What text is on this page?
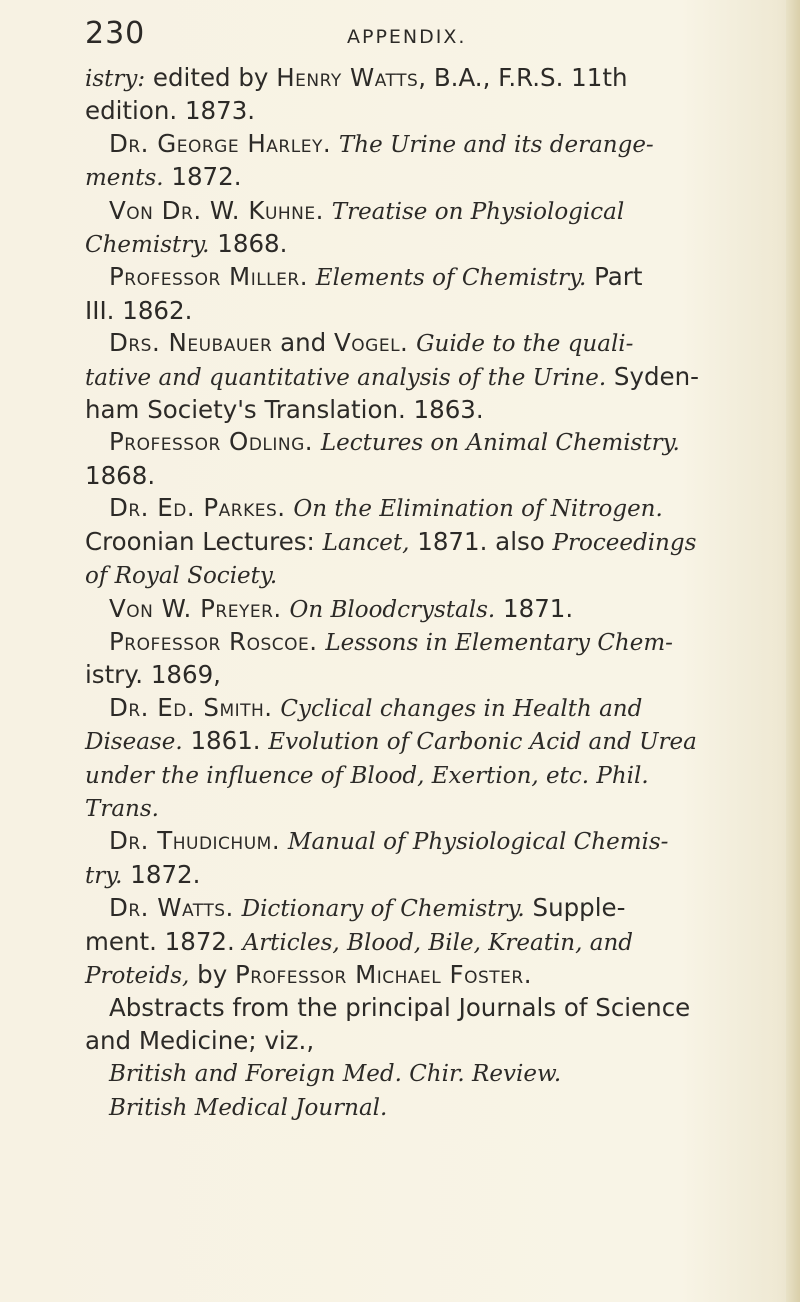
230	APPENDIX.
istry: edited by Henry Watts, B.A., F.R.S. 11th
edition. 1873.
Dr. George Harley. The Urine and its derange-
ments. 1872.
Von Dr. W. Kuhne. Treatise on Physiological
Chemistry. 1868.
Professor Miller. Elements of Chemistry. Part
III. 1862.
Drs. Neubauer and Vogel. Guide to the quali-
tative and quantitative analysis of the Urine. Syden-
ham Society's Translation. 1863.
Professor Odling. Lectures on Animal Chemistry.
1868.
Dr. Ed. Parkes. On the Elimination of Nitrogen.
Croonian Lectures: Lancet, 1871. also Proceedings
of Royal Society.
Von W. Preyer. On Bloodcrystals. 1871.
Professor Roscoe. Lessons in Elementary Chem-
istry. 1869,
Dr. Ed. Smith. Cyclical changes in Health and
Disease. 1861. Evolution of Carbonic Acid and Urea
under the influence of Blood, Exertion, etc. Phil.
Trans.
Dr. Thudichum. Manual of Physiological Chemis-
try. 1872.
Dr. Watts. Dictionary of Chemistry. Supple-
ment. 1872. Articles, Blood, Bile, Kreatin, and
Proteids, by Professor Michael Foster.
Abstracts from the principal Journals of Science
and Medicine; viz.,
British and Foreign Med. Chir. Review.
British Medical Journal.
